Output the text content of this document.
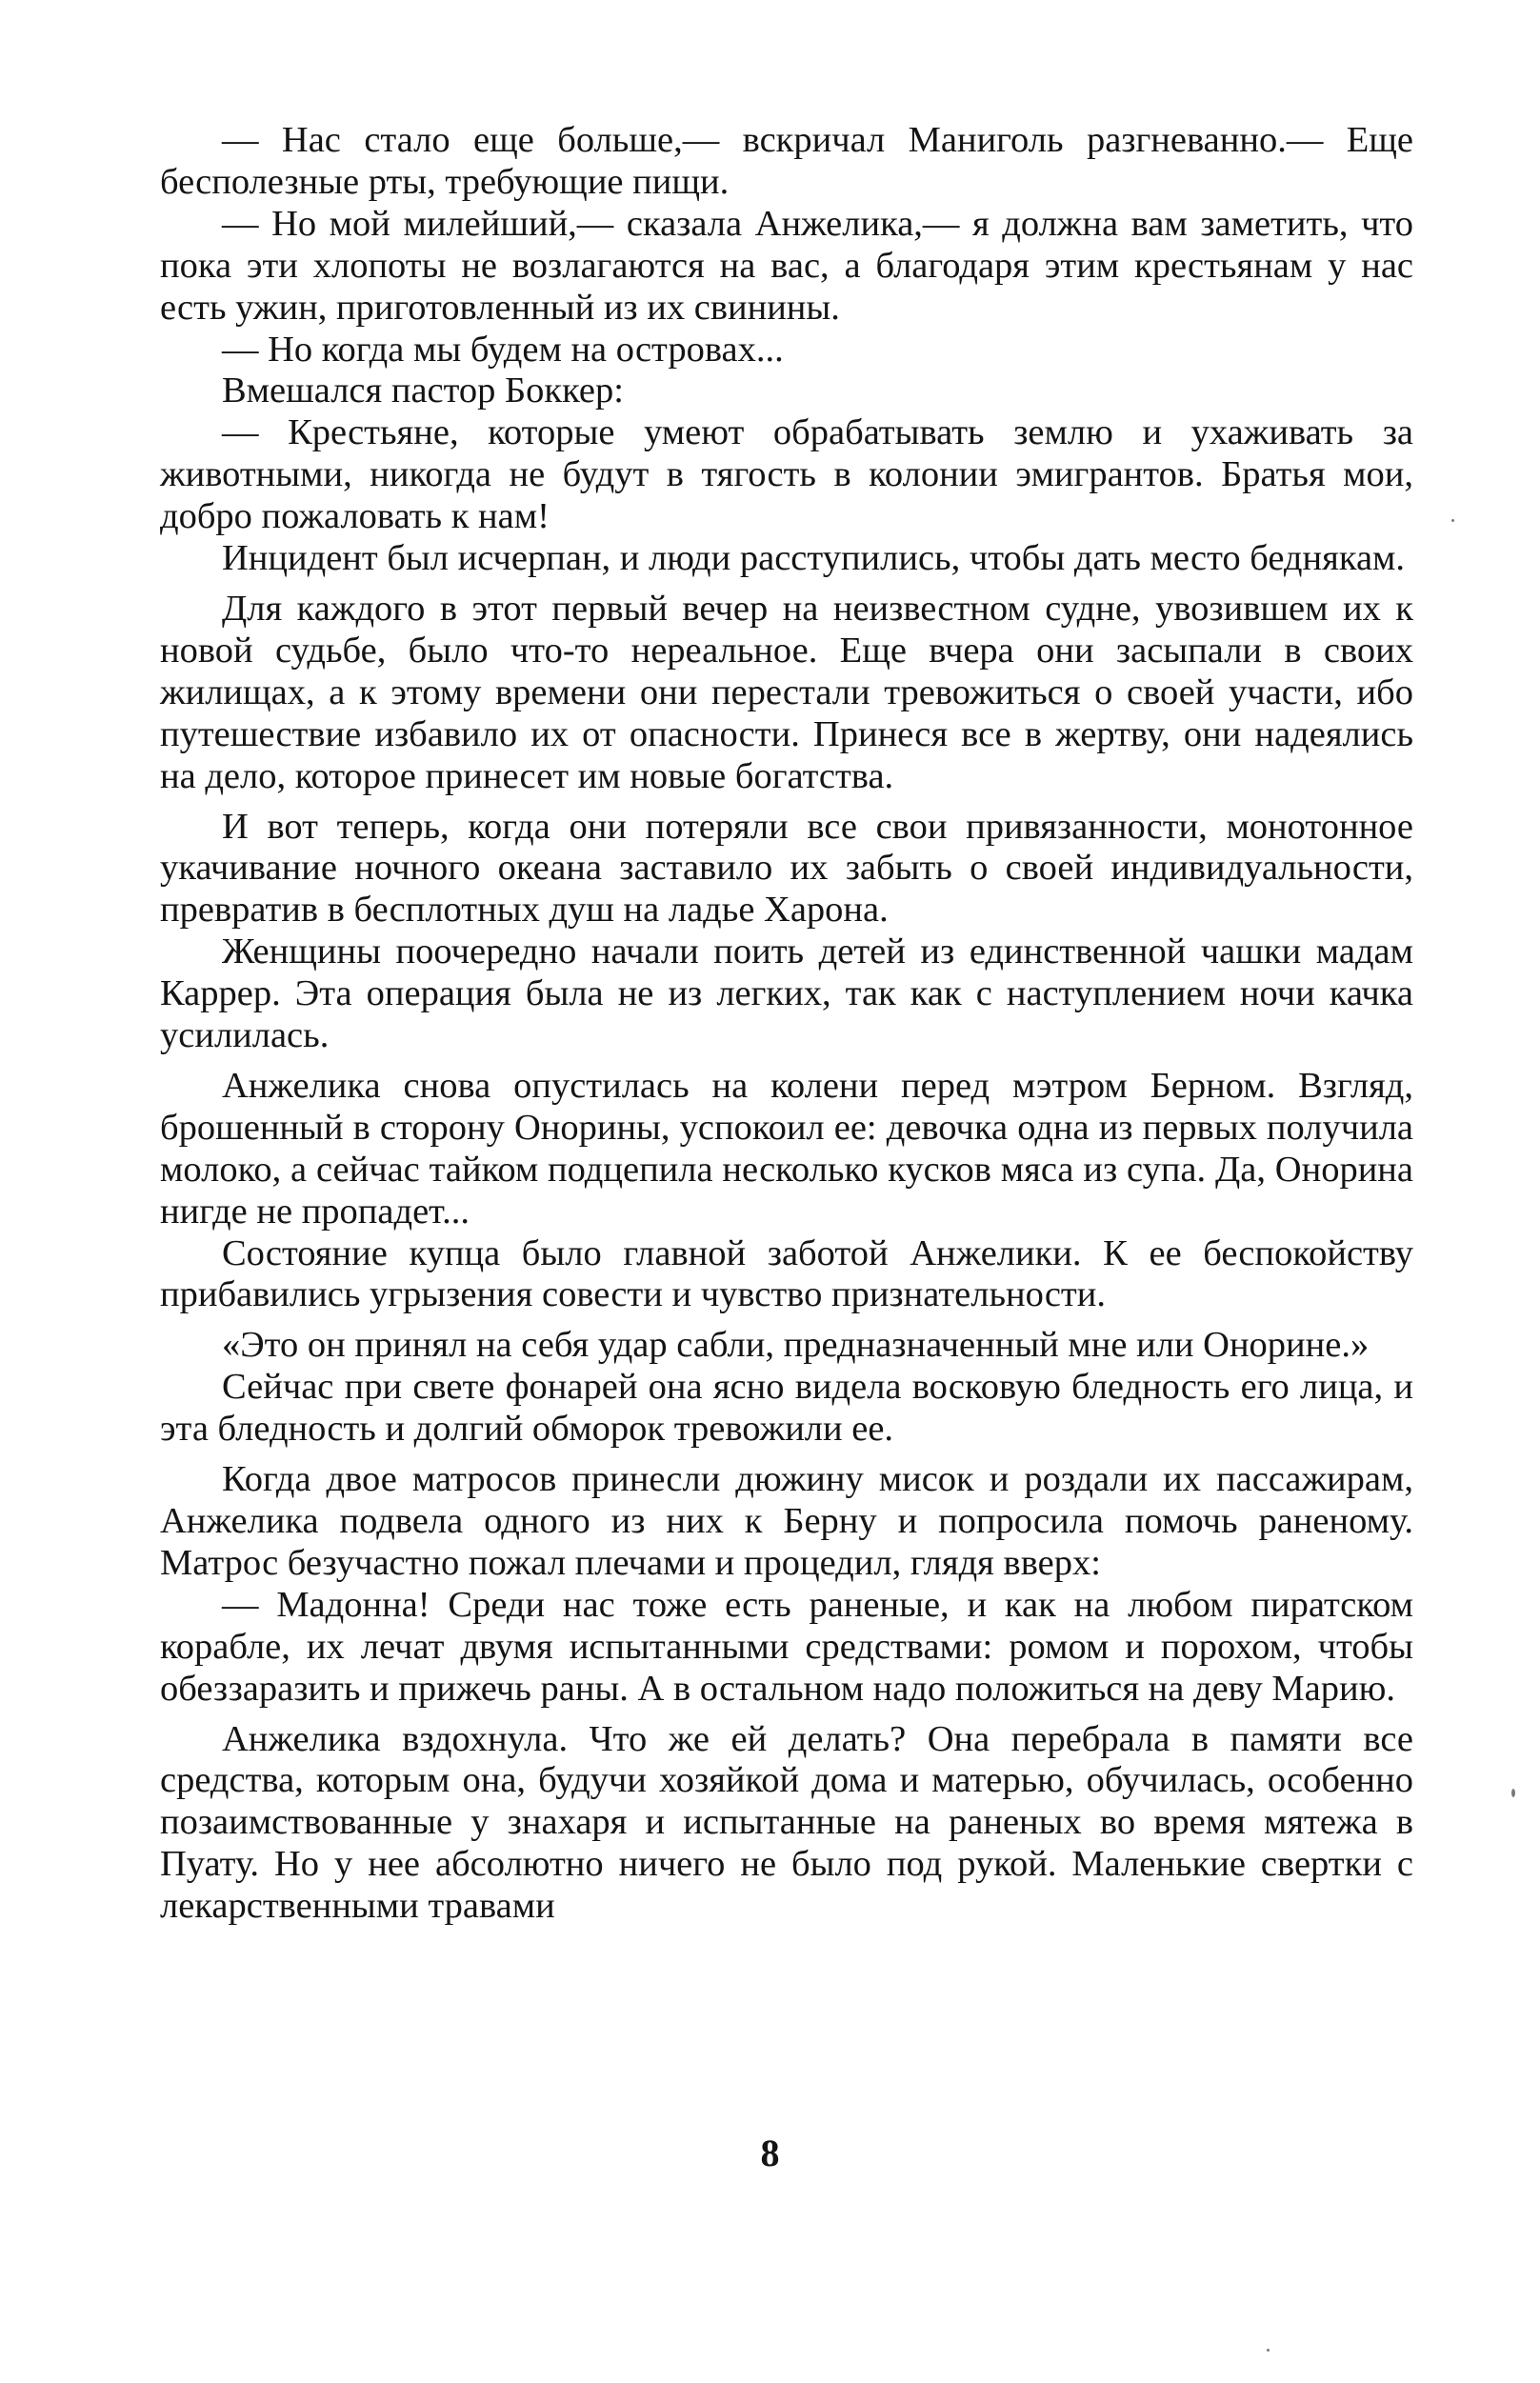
— Нас стало еще больше,— вскричал Маниголь разгневанно.— Еще бесполезные рты, требующие пищи.

— Но мой милейший,— сказала Анжелика,— я должна вам заметить, что пока эти хлопоты не возлагаются на вас, а благодаря этим крестьянам у нас есть ужин, приготовленный из их свинины.

— Но когда мы будем на островах...

Вмешался пастор Боккер:

— Крестьяне, которые умеют обрабатывать землю и ухаживать за животными, никогда не будут в тягость в колонии эмигрантов. Братья мои, добро пожаловать к нам!

Инцидент был исчерпан, и люди расступились, чтобы дать место беднякам.

Для каждого в этот первый вечер на неизвестном судне, увозившем их к новой судьбе, было что-то нереальное. Еще вчера они засыпали в своих жилищах, а к этому времени они перестали тревожиться о своей участи, ибо путешествие избавило их от опасности. Принеся все в жертву, они надеялись на дело, которое принесет им новые богатства.

И вот теперь, когда они потеряли все свои привязанности, монотонное укачивание ночного океана заставило их забыть о своей индивидуальности, превратив в бесплотных душ на ладье Харона.

Женщины поочередно начали поить детей из единственной чашки мадам Каррер. Эта операция была не из легких, так как с наступлением ночи качка усилилась.

Анжелика снова опустилась на колени перед мэтром Берном. Взгляд, брошенный в сторону Онорины, успокоил ее: девочка одна из первых получила молоко, а сейчас тайком подцепила несколько кусков мяса из супа. Да, Онорина нигде не пропадет...

Состояние купца было главной заботой Анжелики. К ее беспокойству прибавились угрызения совести и чувство признательности.

«Это он принял на себя удар сабли, предназначенный мне или Онорине.»

Сейчас при свете фонарей она ясно видела восковую бледность его лица, и эта бледность и долгий обморок тревожили ее.

Когда двое матросов принесли дюжину мисок и роздали их пассажирам, Анжелика подвела одного из них к Берну и попросила помочь раненому. Матрос безучастно пожал плечами и процедил, глядя вверх:

— Мадонна! Среди нас тоже есть раненые, и как на любом пиратском корабле, их лечат двумя испытанными средствами: ромом и порохом, чтобы обеззаразить и прижечь раны. А в остальном надо положиться на деву Марию.

Анжелика вздохнула. Что же ей делать? Она перебрала в памяти все средства, которым она, будучи хозяйкой дома и матерью, обучилась, особенно позаимствованные у знахаря и испытанные на раненых во время мятежа в Пуату. Но у нее абсолютно ничего не было под рукой. Маленькие свертки с лекарственными травами

8
